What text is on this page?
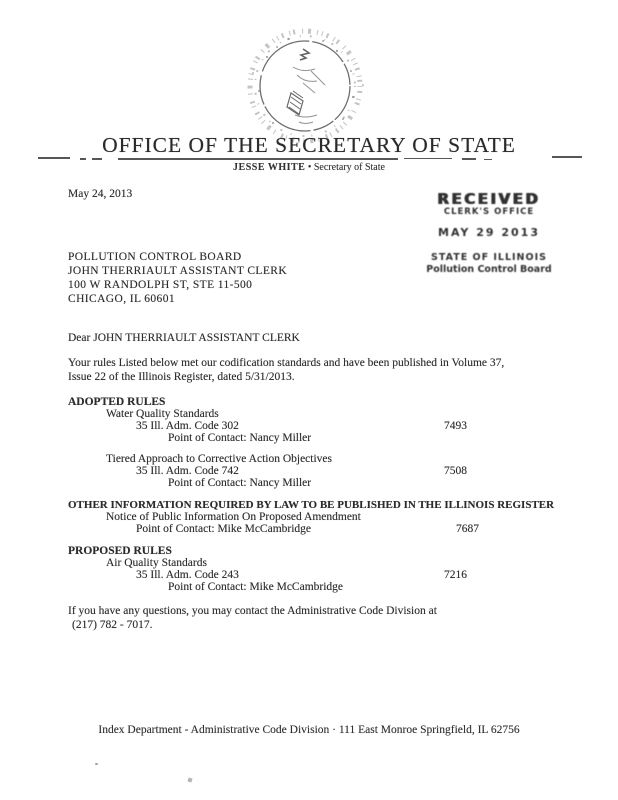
OFFICE OF THE SECRETARY OF STATE
JESSE WHITE • Secretary of State
May 24, 2013	RECEIVED
CLERK'S OFFICE
MAY 29 2013
STATE OF ILLINOIS
Pollution Control Board
POLLUTION CONTROL BOARD
JOHN THERRIAULT ASSISTANT CLERK
100 W RANDOLPH ST, STE 11-500
CHICAGO, IL 60601
Dear JOHN THERRIAULT ASSISTANT CLERK
Your rules Listed below met our codification standards and have been published in Volume 37,
Issue 22 of the Illinois Register, dated 5/31/2013.
ADOPTED RULES
Water Quality Standards
35 Ill. Adm. Code 302	7493
Point of Contact: Nancy Miller
Tiered Approach to Corrective Action Objectives
35 Ill. Adm. Code 742	7508
Point of Contact: Nancy Miller
OTHER INFORMATION REQUIRED BY LAW TO BE PUBLISHED IN THE ILLINOIS REGISTER
Notice of Public Information On Proposed Amendment
Point of Contact: Mike McCambridge	7687
PROPOSED RULES
Air Quality Standards
35 Ill. Adm. Code 243	7216
Point of Contact: Mike McCambridge
If you have any questions, you may contact the Administrative Code Division at
(217) 782 - 7017.
Index Department - Administrative Code Division · 111 East Monroe Springfield, IL 62756
